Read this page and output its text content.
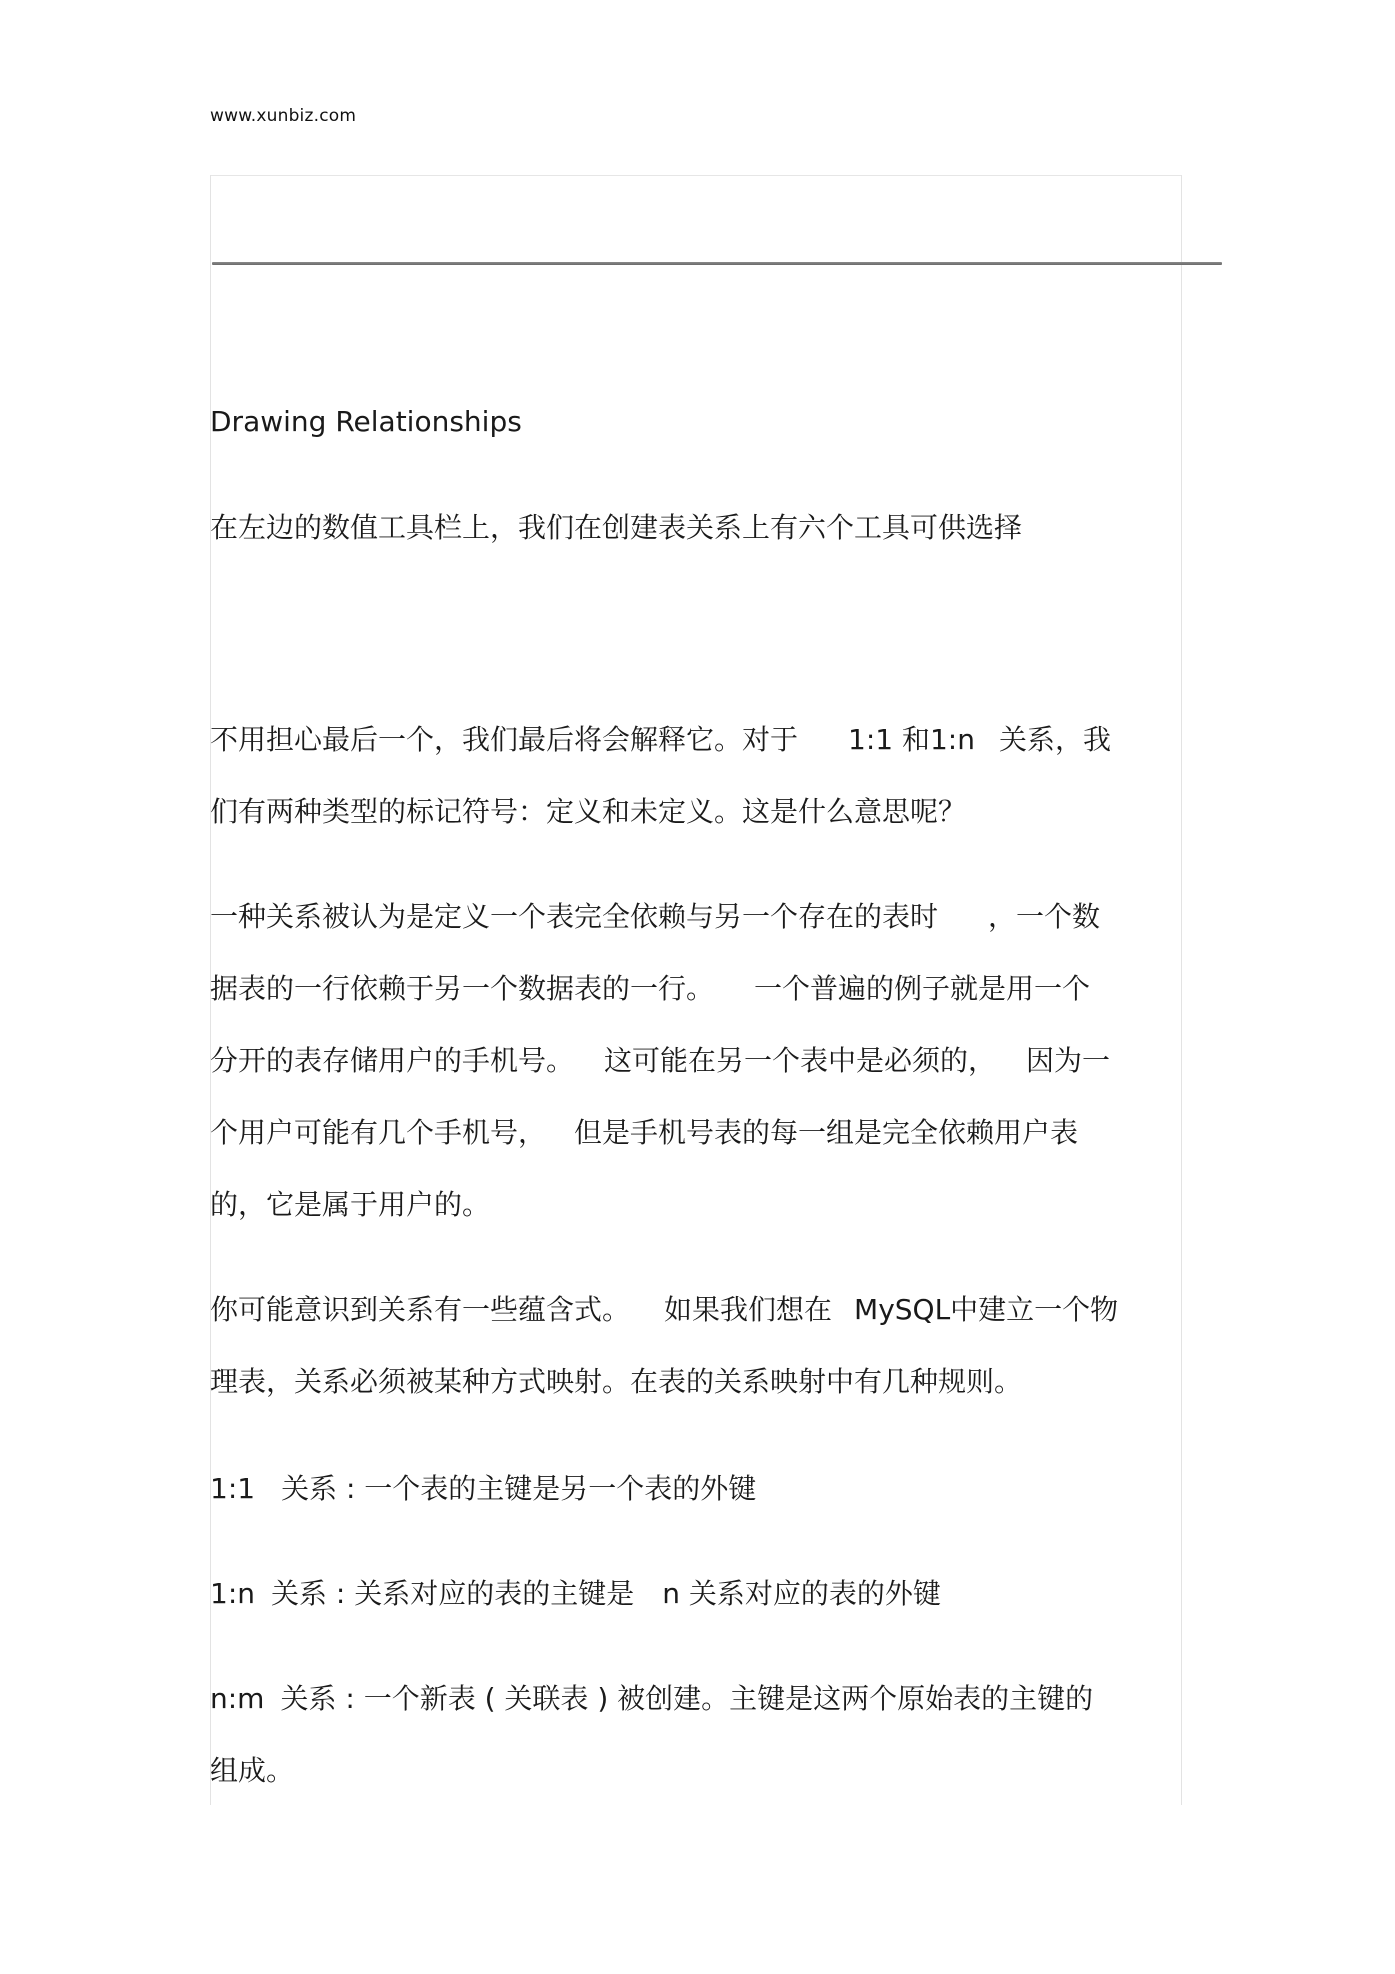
www.xunbiz.com
Drawing Relationships
在左边的数值工具栏上，我们在创建表关系上有六个工具可供选择
不用担心最后一个，我们最后将会解释它。对于 1:1 和1:n 关系，我
们有两种类型的标记符号：定义和未定义。这是什么意思呢？
一种关系被认为是定义一个表完全依赖与另一个存在的表时 ，一个数
据表的一行依赖于另一个数据表的一行。 一个普遍的例子就是用一个
分开的表存储用户的手机号。 这可能在另一个表中是必须的， 因为一
个用户可能有几个手机号， 但是手机号表的每一组是完全依赖用户表
的，它是属于用户的。
你可能意识到关系有一些蕴含式。 如果我们想在 MySQL中建立一个物
理表，关系必须被某种方式映射。在表的关系映射中有几种规则。
1:1 关系 : 一个表的主键是另一个表的外键
1:n 关系 : 关系对应的表的主键是 n 关系对应的表的外键
n:m 关系 : 一个新表 ( 关联表 ) 被创建。主键是这两个原始表的主键的
组成。
